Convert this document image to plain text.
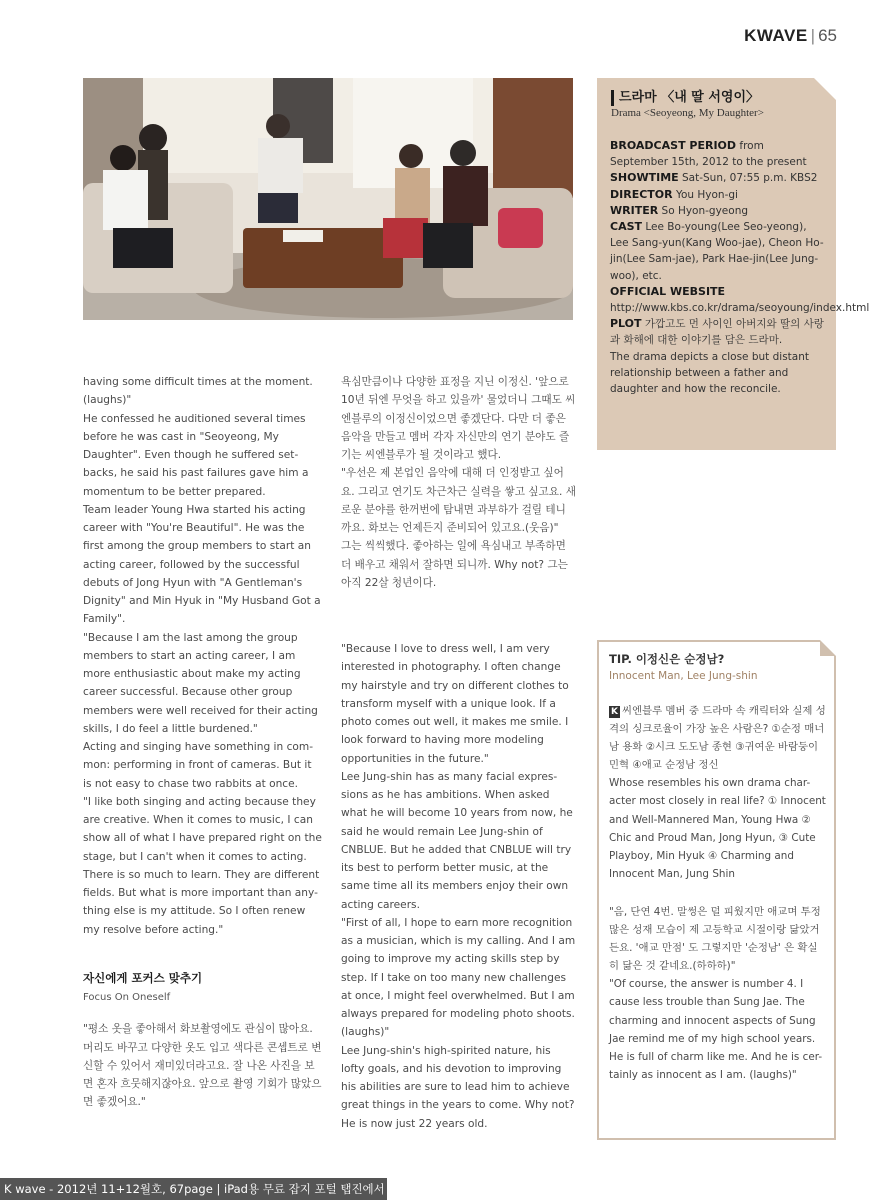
KWAVE | 65
드라마 〈내 딸 서영이〉
Drama <Seoyeong, My Daughter>
BROADCAST PERIOD from September 15th, 2012 to the present
SHOWTIME Sat-Sun, 07:55 p.m. KBS2
DIRECTOR You Hyon-gi
WRITER So Hyon-gyeong
CAST Lee Bo-young(Lee Seo-yeong), Lee Sang-yun(Kang Woo-jae), Cheon Ho-jin(Lee Sam-jae), Park Hae-jin(Lee Jung-woo), etc.
OFFICIAL WEBSITE
http://www.kbs.co.kr/drama/seoyoung/index.html
PLOT 가깝고도 먼 사이인 아버지와 딸의 사랑과 화해에 대한 이야기를 담은 드라마.
The drama depicts a close but distant relationship between a father and daughter and how the reconcile.

having some difficult times at the moment. (laughs)"

He confessed he auditioned several times before he was cast in "Seoyeong, My Daughter". Even though he suffered set-backs, he said his past failures gave him a momentum to be better prepared.

Team leader Young Hwa started his acting career with "You're Beautiful". He was the first among the group members to start an acting career, followed by the successful debuts of Jong Hyun with "A Gentleman's Dignity" and Min Hyuk in "My Husband Got a Family".

"Because I am the last among the group members to start an acting career, I am more enthusiastic about make my acting career successful. Because other group members were well received for their acting skills, I do feel a little burdened."

Acting and singing have something in com-mon: performing in front of cameras. But it is not easy to chase two rabbits at once.

"I like both singing and acting because they are creative. When it comes to music, I can show all of what I have prepared right on the stage, but I can't when it comes to acting. There is so much to learn. They are different fields. But what is more important than any-thing else is my attitude. So I often renew my resolve before acting."

자신에게 포커스 맞추기
Focus On Oneself

"평소 옷을 좋아해서 화보촬영에도 관심이 많아요. 머리도 바꾸고 다양한 옷도 입고 색다른 콘셉트로 변신할 수 있어서 재미있더라고요. 잘 나온 사진을 보면 혼자 흐뭇해지잖아요. 앞으로 촬영 기회가 많았으면 좋겠어요."

욕심만큼이나 다양한 표정을 지닌 이정신. '앞으로 10년 뒤엔 무엇을 하고 있을까' 물었더니 그때도 씨엔블루의 이정신이었으면 좋겠단다. 다만 더 좋은 음악을 만들고 멤버 각자 자신만의 연기 분야도 즐기는 씨엔블루가 될 것이라고 했다.

"우선은 제 본업인 음악에 대해 더 인정받고 싶어요. 그리고 연기도 차근차근 실력을 쌓고 싶고요. 새로운 분야를 한꺼번에 탐내면 과부하가 걸릴 테니까요. 화보는 언제든지 준비되어 있고요.(웃음)"

그는 씩씩했다. 좋아하는 일에 욕심내고 부족하면 더 배우고 채워서 잘하면 되니까. Why not? 그는 아직 22살 청년이다.

"Because I love to dress well, I am very interested in photography. I often change my hairstyle and try on different clothes to transform myself with a unique look. If a photo comes out well, it makes me smile. I look forward to having more modeling opportunities in the future."

Lee Jung-shin has as many facial expres-sions as he has ambitions. When asked what he will become 10 years from now, he said he would remain Lee Jung-shin of CNBLUE. But he added that CNBLUE will try its best to perform better music, at the same time all its members enjoy their own acting careers.

"First of all, I hope to earn more recognition as a musician, which is my calling. And I am going to improve my acting skills step by step. If I take on too many new challenges at once, I might feel overwhelmed. But I am always prepared for modeling photo shoots. (laughs)"

Lee Jung-shin's high-spirited nature, his lofty goals, and his devotion to improving his abilities are sure to lead him to achieve great things in the years to come. Why not? He is now just 22 years old.

TIP. 이정신은 순정남?
Innocent Man, Lee Jung-shin

K 씨엔블루 멤버 중 드라마 속 캐릭터와 실제 성격의 싱크로율이 가장 높은 사람은? ①순정 매너남 용화 ②시크 도도남 종현 ③귀여운 바람둥이 민혁 ④애교 순정남 정신

Whose resembles his own drama char-acter most closely in real life? ① Innocent and Well-Mannered Man, Young Hwa ② Chic and Proud Man, Jong Hyun, ③ Cute Playboy, Min Hyuk ④ Charming and Innocent Man, Jung Shin

"음, 단연 4번. 말썽은 덜 피웠지만 애교며 투정 많은 성재 모습이 제 고등학교 시절이랑 닮았거든요. '애교 만점' 도 그렇지만 '순정남' 은 확실히 닮은 것 같네요.(하하하)"

"Of course, the answer is number 4. I cause less trouble than Sung Jae. The charming and innocent aspects of Sung Jae remind me of my high school years. He is full of charm like me. And he is cer-tainly as innocent as I am. (laughs)"

K wave - 2012년 11+12월호, 67page | iPad용 무료 잡지 포털 탭진에서 스크랩
